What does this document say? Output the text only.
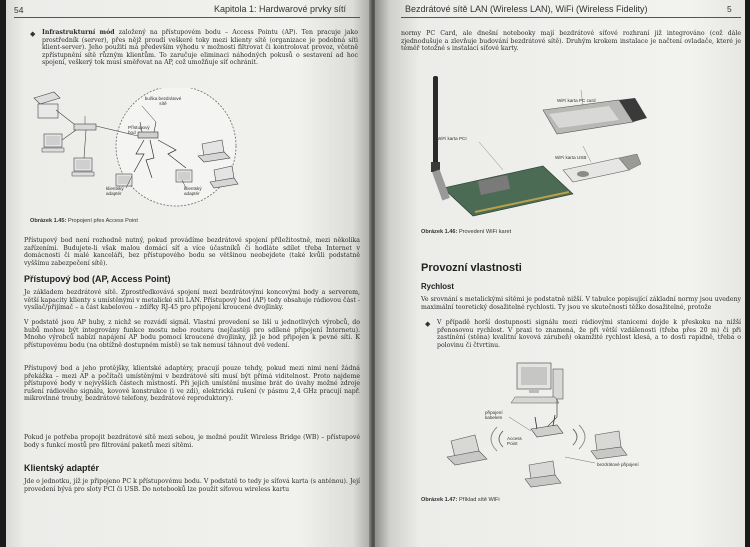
54	Kapitola 1: Hardwarové prvky sítí
◆ Infrastrukturní mód založený na přístupovém bodu – Access Pointu (AP). Ten pracuje jako prostředník (server), přes nějž proudí veškeré toky mezi klienty sítě (organizace je podobná síti klient-server). Jeho použití má především výhodu v možnosti filtrovat či kontrolovat provoz, včetně zpřístupnění sítě různým klientům. To zaručuje eliminaci náhodných pokusů o sestavení ad hoc spojení, veškerý tok musí směřovat na AP, což umožňuje síť ochránit.
buňka bezdrátové sítě
Přístupový bod
klientský adaptér
klientský adaptér
Obrázek 1.45: Propojení přes Access Point
Přístupový bod není rozhodně nutný, pokud provádíme bezdrátové spojení příležitostně, mezi několika zařízeními. Budujete-li však malou domácí síť a více účastníků či hodláte sdílet třeba Internet v domácnosti či malé kanceláři, bez přístupového bodu se většinou neobejdete (také kvůli podstatně vyššímu zabezpečení sítě).
Přístupový bod (AP, Access Point)
Je základem bezdrátové sítě. Zprostředkovává spojení mezi bezdrátovými koncovými body a serverem, větší kapacity klienty s umístěnými v metalické síti LAN. Přístupový bod (AP) tedy obsahuje rádiovou část - vysílač/přijímač – a část kabelovou – zdířky RJ-45 pro připojení kroucené dvojlinky.
V podstatě jsou AP huby, z nichž se rozvádí signál. Vlastní provedení se liší u jednotlivých výrobců, do hubů mohou být integrovány funkce mostu nebo routeru (nejčastěji pro sdílené připojení Internetu). Mnoho výrobců nabízí napájení AP bodu pomocí kroucené dvojlinky, již je bod připojen k pevné síti. K přístupovému bodu (na obtížně dostupném místě) se tak nemusí táhnout dvě vedení.
Přístupový bod a jeho protějšky, klientské adaptéry, pracují pouze tehdy, pokud mezi nimi není žádná překážka – mezi AP a počítači umístěnými v bezdrátové síti musí být přímá viditelnost. Proto najdeme přístupové body v nejvyšších částech místností. Při jejich umístění musíme brát do úvahy možné zdroje rušení rádiového signálu, kovové konstrukce (i ve zdi), elektrická rušení (v pásmu 2,4 GHz pracují např. mikrovlnné trouby, bezdrátové telefony, bezdrátové reproduktory).
Pokud je potřeba propojit bezdrátové sítě mezi sebou, je možné použít Wireless Bridge (WB) – přístupové body s funkcí mostů pro filtrování paketů mezi sítěmi.
Klientský adaptér
Jde o jednotku, jíž je připojeno PC k přístupovému bodu. V podstatě to tedy je síťová karta (s anténou). Její provedení bývá pro sloty PCI či USB. Do notebooků lze použít síťovou wireless kartu
Bezdrátové sítě LAN (Wireless LAN), WiFi (Wireless Fidelity)	5
normy PC Card, ale dnešní notebooky mají bezdrátové síťové rozhraní již integrováno (což dále zjednodušuje a zlevňuje budování bezdrátové sítě). Druhým krokem instalace je načtení ovladače, které je téměř totožné s instalací síťové karty.
WiFi karta PC card
WiFi karta PCI
WiFi karta USB
Obrázek 1.46: Provedení WiFi karet
Provozní vlastnosti
Rychlost
Ve srovnání s metalickými sítěmi je podstatně nižší. V tabulce popisující základní normy jsou uvedeny maximální teoretický dosažitelné rychlosti. Ty jsou ve skutečnosti těžko dosažitelné, protože
◆ V případě horší dostupnosti signálu mezi rádiovými stanicemi dojde k přeskoku na nižší přenosovou rychlost. V praxi to znamená, že při větší vzdálenosti (třeba přes 20 m) či při zastínění (stěna) kvalitní kovová zárubeň) okamžité rychlost klesá, a to dosti rapidně, třeba o polovinu či čtvrtinu.
připojení kabelem
Access Point
bezdrátové připojení
Obrázek 1.47: Příklad sítě WiFi
